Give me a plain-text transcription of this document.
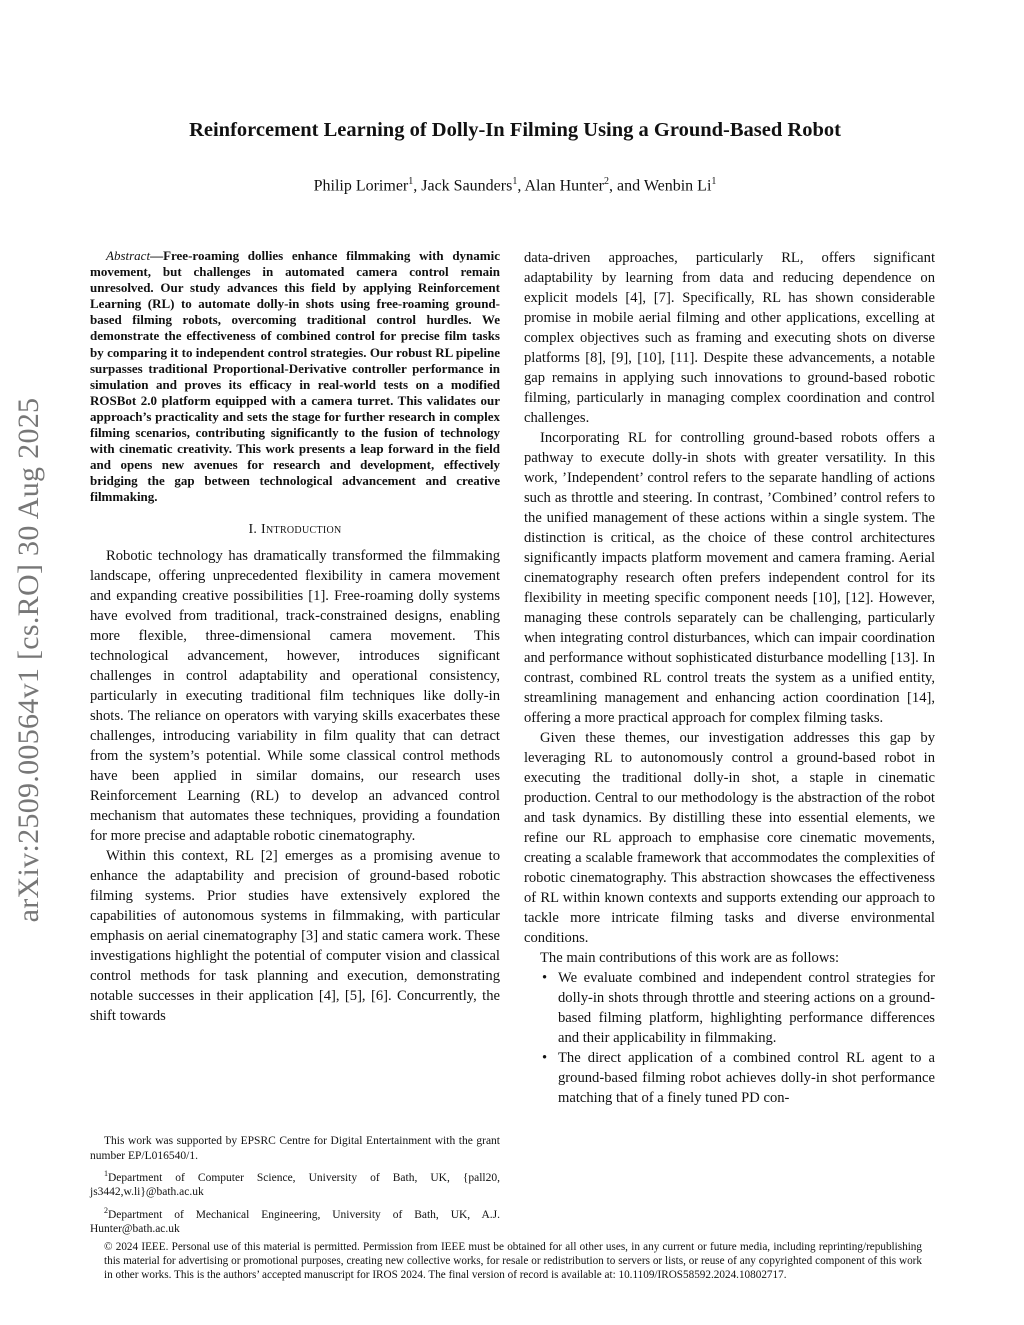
arXiv:2509.00564v1 [cs.RO] 30 Aug 2025
Reinforcement Learning of Dolly-In Filming Using a Ground-Based Robot
Philip Lorimer$^1$, Jack Saunders$^1$, Alan Hunter$^2$, and Wenbin Li$^1$

Abstract—Free-roaming dollies enhance filmmaking with dynamic movement, but challenges in automated camera control remain unresolved. Our study advances this field by applying Reinforcement Learning (RL) to automate dolly-in shots using free-roaming ground-based filming robots, overcoming traditional control hurdles. We demonstrate the effectiveness of combined control for precise film tasks by comparing it to independent control strategies. Our robust RL pipeline surpasses traditional Proportional-Derivative controller performance in simulation and proves its efficacy in real-world tests on a modified ROSBot 2.0 platform equipped with a camera turret. This validates our approach’s practicality and sets the stage for further research in complex filming scenarios, contributing significantly to the fusion of technology with cinematic creativity. This work presents a leap forward in the field and opens new avenues for research and development, effectively bridging the gap between technological advancement and creative filmmaking.

I. Introduction

Robotic technology has dramatically transformed the filmmaking landscape, offering unprecedented flexibility in camera movement and expanding creative possibilities [1]. Free-roaming dolly systems have evolved from traditional, track-constrained designs, enabling more flexible, three-dimensional camera movement. This technological advancement, however, introduces significant challenges in control adaptability and operational consistency, particularly in executing traditional film techniques like dolly-in shots. The reliance on operators with varying skills exacerbates these challenges, introducing variability in film quality that can detract from the system’s potential. While some classical control methods have been applied in similar domains, our research uses Reinforcement Learning (RL) to develop an advanced control mechanism that automates these techniques, providing a foundation for more precise and adaptable robotic cinematography.

Within this context, RL [2] emerges as a promising avenue to enhance the adaptability and precision of ground-based robotic filming systems. Prior studies have extensively explored the capabilities of autonomous systems in filmmaking, with particular emphasis on aerial cinematography [3] and static camera work. These investigations highlight the potential of computer vision and classical control methods for task planning and execution, demonstrating notable successes in their application [4], [5], [6]. Concurrently, the shift towards

data-driven approaches, particularly RL, offers significant adaptability by learning from data and reducing dependence on explicit models [4], [7]. Specifically, RL has shown considerable promise in mobile aerial filming and other applications, excelling at complex objectives such as framing and executing shots on diverse platforms [8], [9], [10], [11]. Despite these advancements, a notable gap remains in applying such innovations to ground-based robotic filming, particularly in managing complex coordination and control challenges.

Incorporating RL for controlling ground-based robots offers a pathway to execute dolly-in shots with greater versatility. In this work, ’Independent’ control refers to the separate handling of actions such as throttle and steering. In contrast, ’Combined’ control refers to the unified management of these actions within a single system. The distinction is critical, as the choice of these control architectures significantly impacts platform movement and camera framing. Aerial cinematography research often prefers independent control for its flexibility in meeting specific component needs [10], [12]. However, managing these controls separately can be challenging, particularly when integrating control disturbances, which can impair coordination and performance without sophisticated disturbance modelling [13]. In contrast, combined RL control treats the system as a unified entity, streamlining management and enhancing action coordination [14], offering a more practical approach for complex filming tasks.

Given these themes, our investigation addresses this gap by leveraging RL to autonomously control a ground-based robot in executing the traditional dolly-in shot, a staple in cinematic production. Central to our methodology is the abstraction of the robot and task dynamics. By distilling these into essential elements, we refine our RL approach to emphasise core cinematic movements, creating a scalable framework that accommodates the complexities of robotic cinematography. This abstraction showcases the effectiveness of RL within known contexts and supports extending our approach to tackle more intricate filming tasks and diverse environmental conditions.

The main contributions of this work are as follows:

• We evaluate combined and independent control strategies for dolly-in shots through throttle and steering actions on a ground-based filming platform, highlighting performance differences and their applicability in filmmaking.
• The direct application of a combined control RL agent to a ground-based filming robot achieves dolly-in shot performance matching that of a finely tuned PD con-

This work was supported by EPSRC Centre for Digital Entertainment with the grant number EP/L016540/1.

$^1$Department of Computer Science, University of Bath, UK, {pall20, js3442,w.li}@bath.ac.uk

$^2$Department of Mechanical Engineering, University of Bath, UK, A.J. Hunter@bath.ac.uk

© 2024 IEEE. Personal use of this material is permitted. Permission from IEEE must be obtained for all other uses, in any current or future media, including reprinting/republishing this material for advertising or promotional purposes, creating new collective works, for resale or redistribution to servers or lists, or reuse of any copyrighted component of this work in other works. This is the authors’ accepted manuscript for IROS 2024. The final version of record is available at: 10.1109/IROS58592.2024.10802717.
